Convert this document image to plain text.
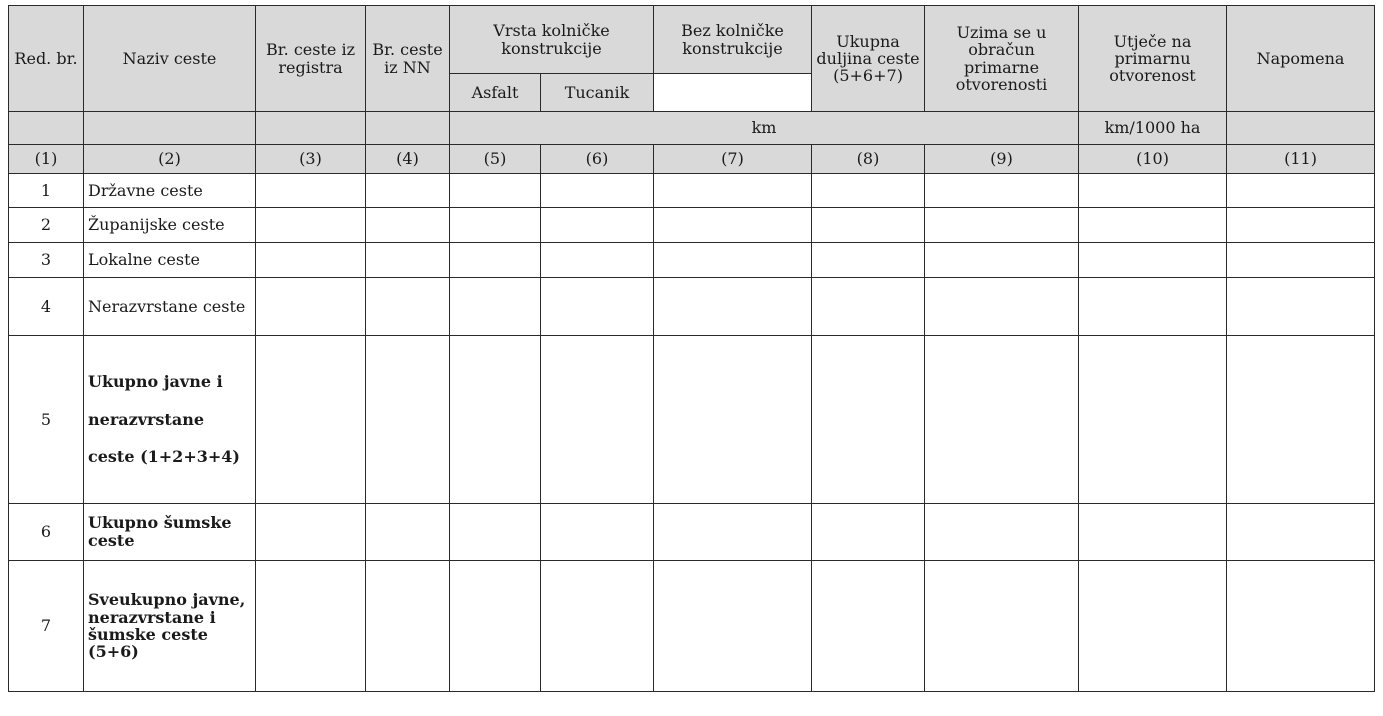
Red. br.	Naziv ceste	Br. ceste iz registra	Br. ceste iz NN	Vrsta kolničke konstrukcije		Bez kolničke konstrukcije	Ukupna duljina ceste (5+6+7)	Uzima se u obračun primarne otvorenosti	Utječe na primarnu otvorenost	Napomena
				Asfalt	Tucanik					
				km					km/1000 ha	
(1)	(2)	(3)	(4)	(5)	(6)	(7)	(8)	(9)	(10)	(11)
1	Državne ceste									
2	Županijske ceste									
3	Lokalne ceste									
4	Nerazvrstane ceste									
5	Ukupno javne i nerazvrstane ceste (1+2+3+4)									
6	Ukupno šumske ceste									
7	Sveukupno javne, nerazvrstane i šumske ceste (5+6)									
